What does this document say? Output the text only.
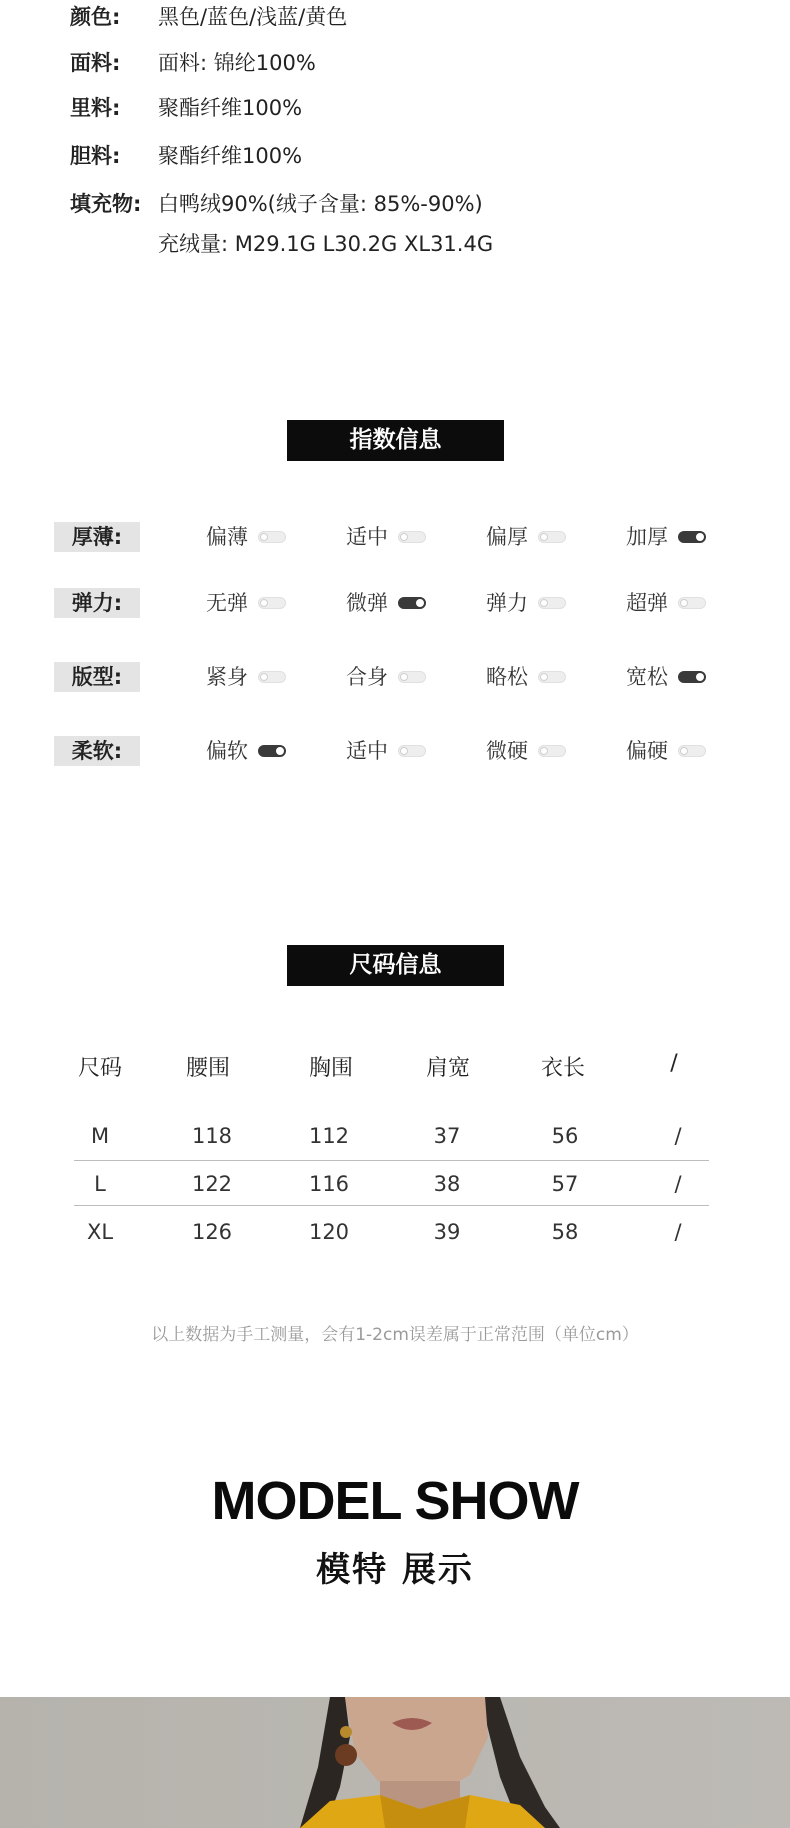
颜色: 黑色/蓝色/浅蓝/黄色
面料: 面料: 锦纶100%
里料: 聚酯纤维100%
胆料: 聚酯纤维100%
填充物: 白鸭绒90%(绒子含量: 85%-90%)
充绒量: M29.1G L30.2G XL31.4G
指数信息
厚薄:	偏薄	适中	偏厚	加厚
弹力:	无弹	微弹	弹力	超弹
版型:	紧身	合身	略松	宽松
柔软:	偏软	适中	微硬	偏硬
尺码信息
尺码	腰围	胸围	肩宽	衣长	/
M	118	112	37	56	/
L	122	116	38	57	/
XL	126	120	39	58	/
以上数据为手工测量，会有1-2cm误差属于正常范围（单位cm）
MODEL SHOW
模特 展示
